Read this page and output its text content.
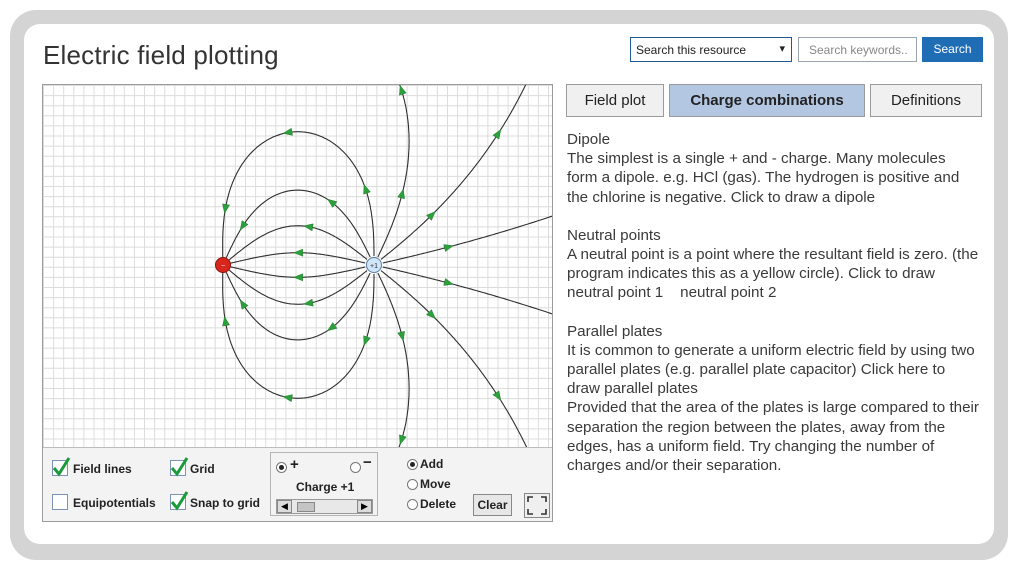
Electric field plotting	Search this resource	▾	Search keywords..	Search
−	+1
Field lines	Grid
Equipotentials	Snap to grid
+	−
Charge +1
◀	▶
Add
Move
Delete	Clear
Field plot	Charge combinations	Definitions

Dipole

The simplest is a single + and - charge. Many molecules form a dipole. e.g. HCl (gas). The hydrogen is positive and the chlorine is negative. Click to draw a dipole

Neutral points

A neutral point is a point where the resultant field is zero. (the program indicates this as a yellow circle). Click to draw neutral point 1    neutral point 2

Parallel plates

It is common to generate a uniform electric field by using two parallel plates (e.g. parallel plate capacitor) Click here to draw parallel plates

Provided that the area of the plates is large compared to their separation the region between the plates, away from the edges, has a uniform field. Try changing the number of charges and/or their separation.
